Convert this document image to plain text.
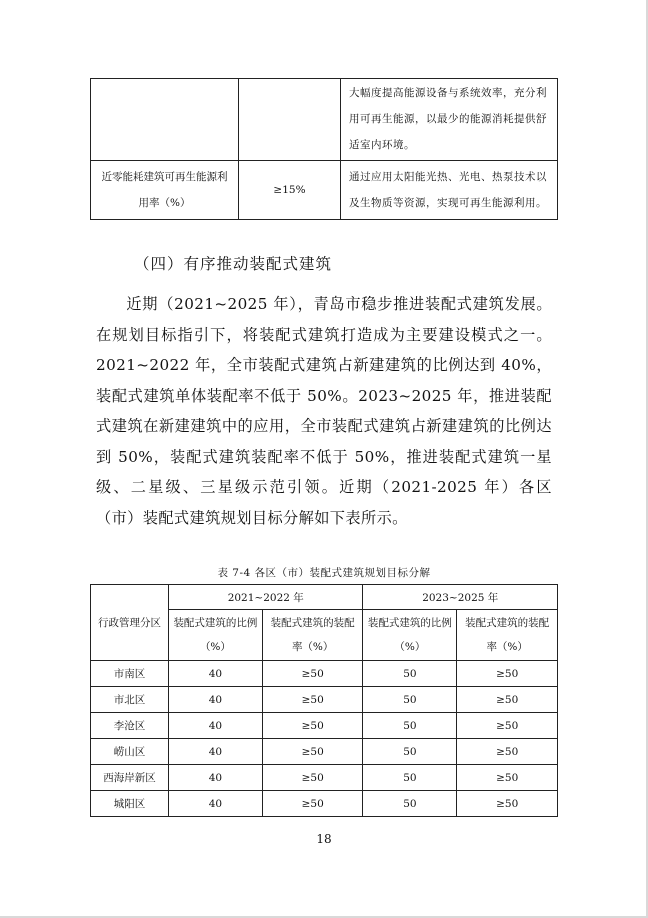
		大幅度提高能源设备与系统效率，充分利用可再生能源，以最少的能源消耗提供舒适室内环境。
近零能耗建筑可再生能源利用率（%）	≥15%	通过应用太阳能光热、光电、热泵技术以及生物质等资源，实现可再生能源利用。
（四）有序推动装配式建筑
近期（2021~2025 年），青岛市稳步推进装配式建筑发展。在规划目标指引下，将装配式建筑打造成为主要建设模式之一。2021~2022 年，全市装配式建筑占新建建筑的比例达到 40%，装配式建筑单体装配率不低于 50%。2023~2025 年，推进装配式建筑在新建建筑中的应用，全市装配式建筑占新建建筑的比例达到 50%，装配式建筑装配率不低于 50%，推进装配式建筑一星级、二星级、三星级示范引领。近期（2021-2025 年）各区（市）装配式建筑规划目标分解如下表所示。
表 7-4 各区（市）装配式建筑规划目标分解
行政管理分区	2021~2022 年		2023~2025 年	
	装配式建筑的比例（%）	装配式建筑的装配率（%）	装配式建筑的比例（%）	装配式建筑的装配率（%）
市南区	40	≥50	50	≥50
市北区	40	≥50	50	≥50
李沧区	40	≥50	50	≥50
崂山区	40	≥50	50	≥50
西海岸新区	40	≥50	50	≥50
城阳区	40	≥50	50	≥50
18
